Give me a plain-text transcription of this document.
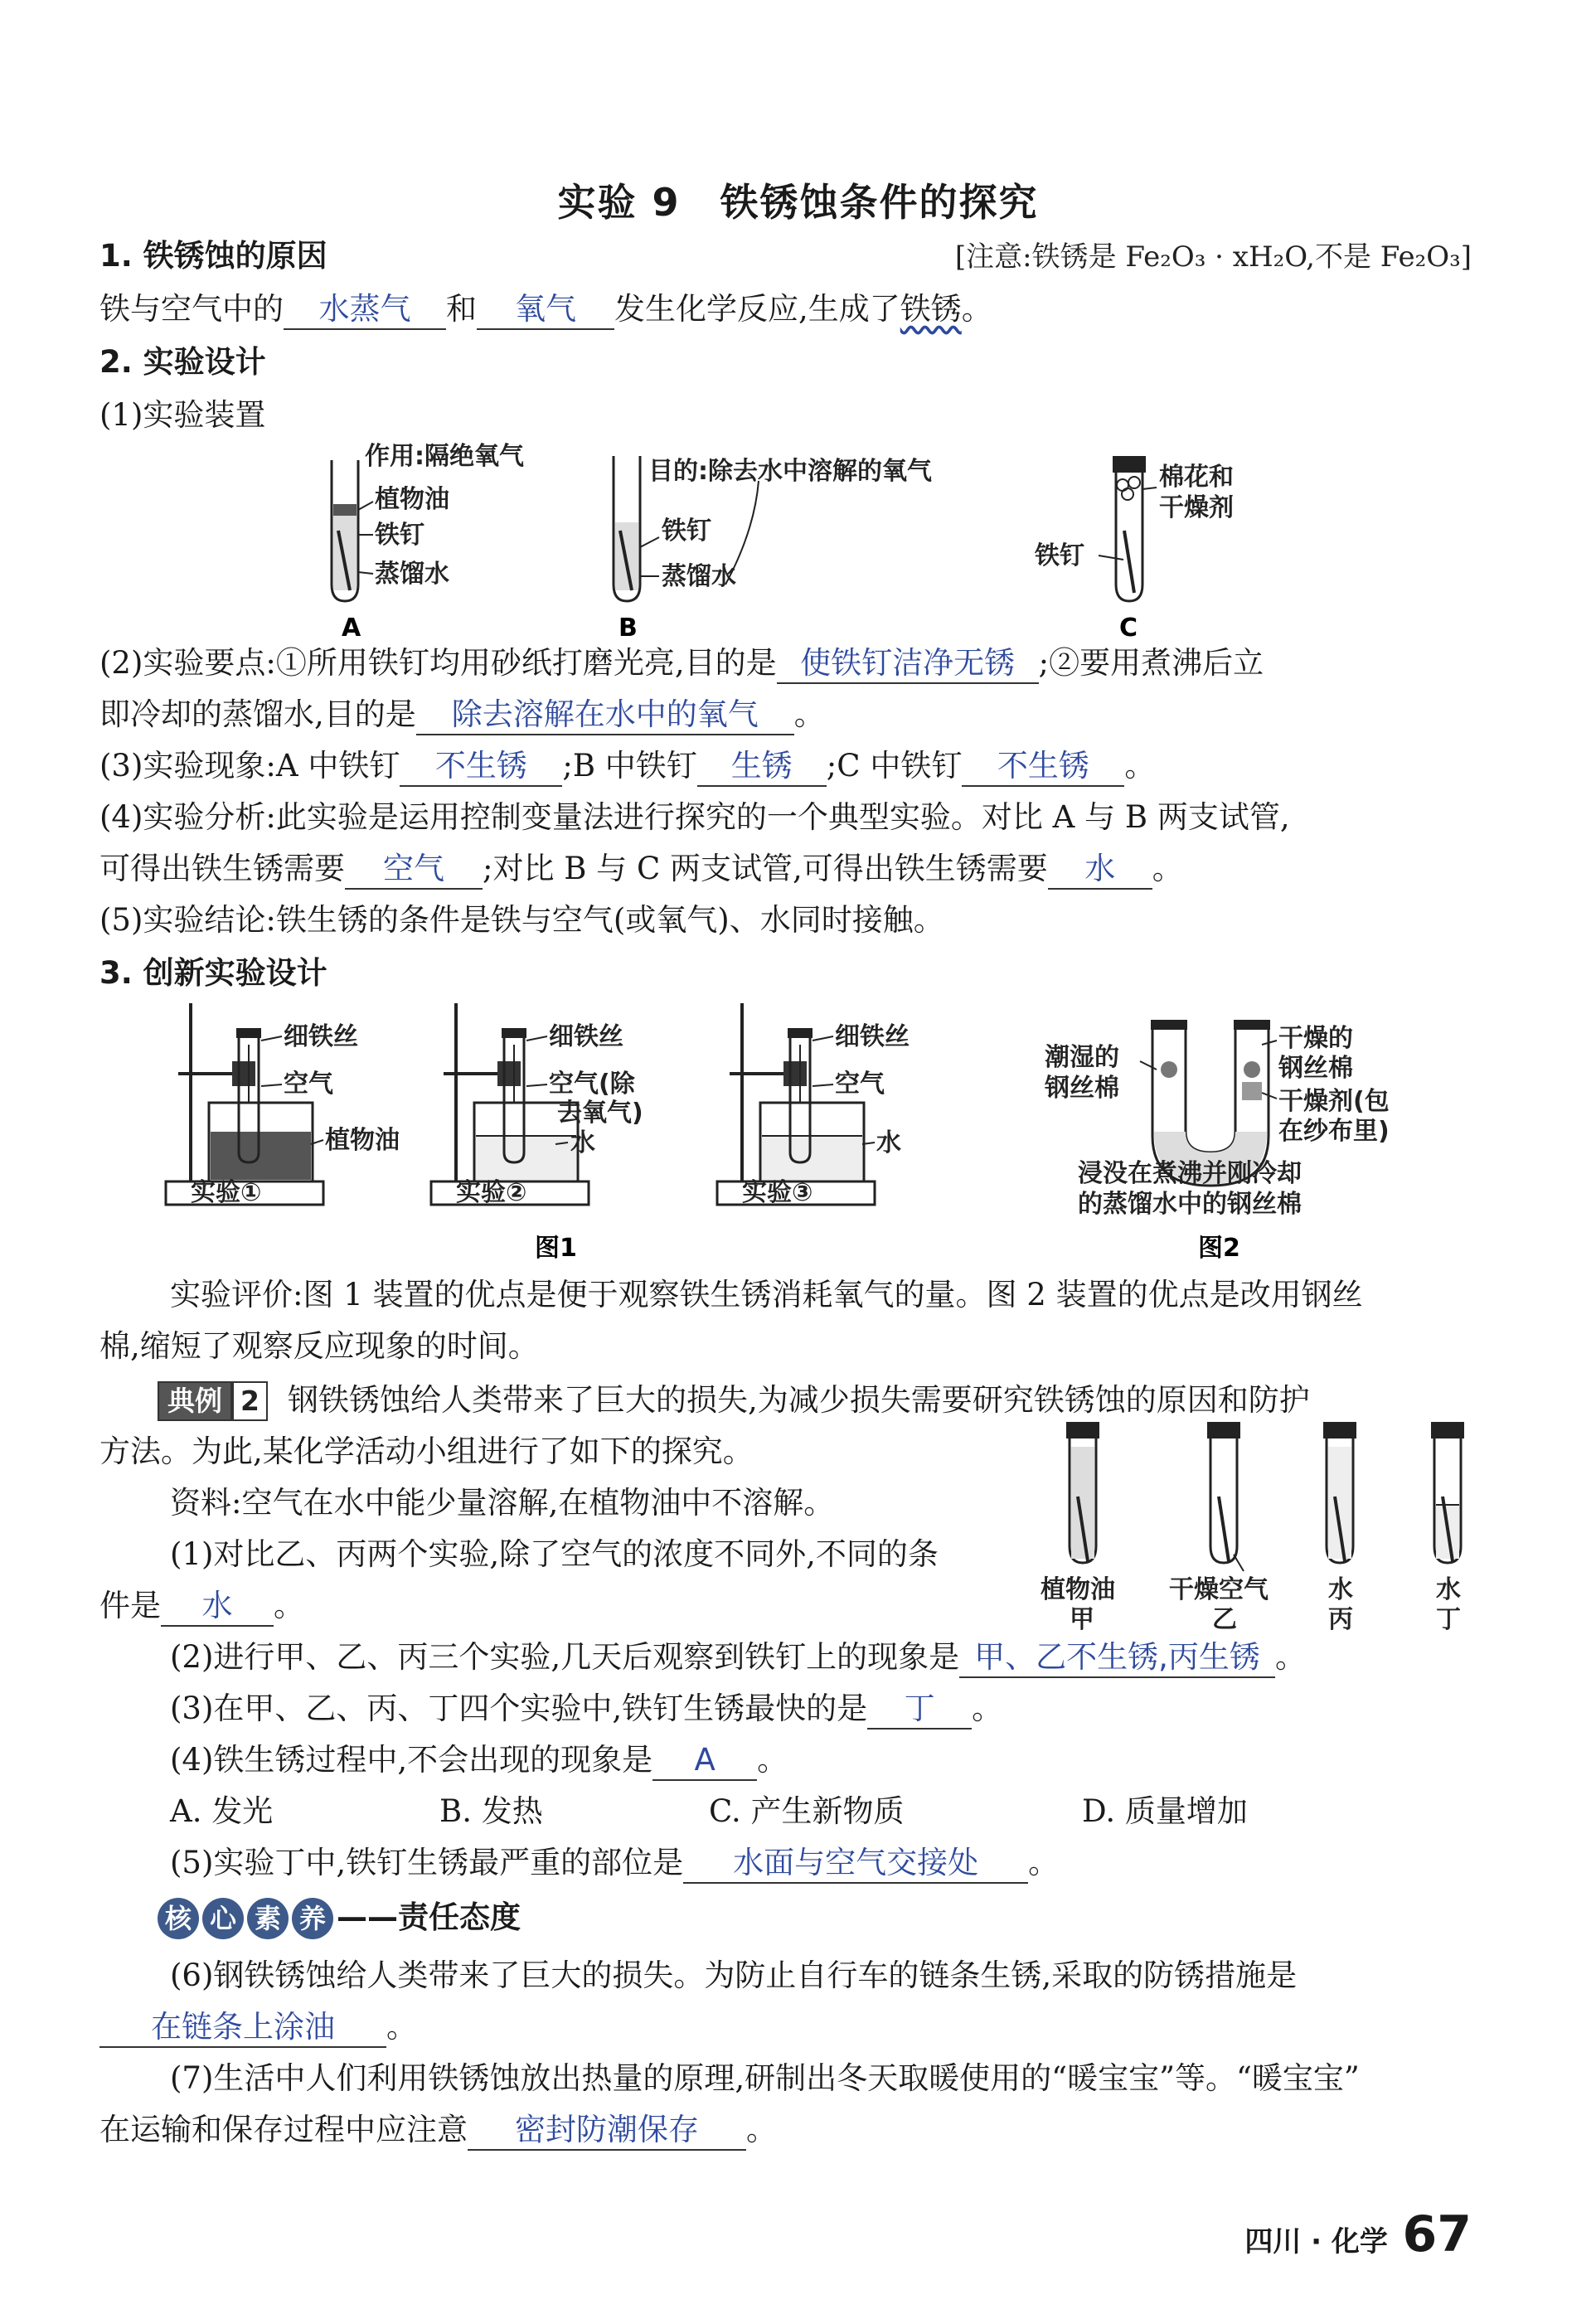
实验 9　铁锈蚀条件的探究
[注意:铁锈是 Fe₂O₃ · xH₂O,不是 Fe₂O₃]
1. 铁锈蚀的原因
铁与空气中的 水蒸气 和 氧气 发生化学反应,生成了铁锈。
2. 实验设计
(1)实验装置
作用:隔绝氧气
植物油
铁钉
蒸馏水
A
目的:除去水中溶解的氧气
铁钉
蒸馏水
B
棉花和
干燥剂
铁钉
C
(2)实验要点:①所用铁钉均用砂纸打磨光亮,目的是 使铁钉洁净无锈 ;②要用煮沸后立
即冷却的蒸馏水,目的是 除去溶解在水中的氧气 。
(3)实验现象:A 中铁钉 不生锈 ;B 中铁钉 生锈 ;C 中铁钉 不生锈 。
(4)实验分析:此实验是运用控制变量法进行探究的一个典型实验。对比 A 与 B 两支试管,
可得出铁生锈需要 空气 ;对比 B 与 C 两支试管,可得出铁生锈需要 水 。
(5)实验结论:铁生锈的条件是铁与空气(或氧气)、水同时接触。
3. 创新实验设计
细铁丝
空气
植物油
实验①
细铁丝
空气(除
去氧气)
水
实验②
细铁丝
空气
水
实验③
图1
潮湿的
钢丝棉
干燥的
钢丝棉
干燥剂(包
在纱布里)
浸没在煮沸并刚冷却
的蒸馏水中的钢丝棉
图2
实验评价:图 1 装置的优点是便于观察铁生锈消耗氧气的量。图 2 装置的优点是改用钢丝
棉,缩短了观察反应现象的时间。
典例 2 钢铁锈蚀给人类带来了巨大的损失,为减少损失需要研究铁锈蚀的原因和防护
方法。为此,某化学活动小组进行了如下的探究。
资料:空气在水中能少量溶解,在植物油中不溶解。
(1)对比乙、丙两个实验,除了空气的浓度不同外,不同的条
件是 水 。	植物油
甲
干燥空气
乙
水
丙
水
丁
(2)进行甲、乙、丙三个实验,几天后观察到铁钉上的现象是 甲、乙不生锈,丙生锈 。
(3)在甲、乙、丙、丁四个实验中,铁钉生锈最快的是 丁 。
(4)铁生锈过程中,不会出现的现象是 A 。
A. 发光	B. 发热	C. 产生新物质	D. 质量增加
(5)实验丁中,铁钉生锈最严重的部位是 水面与空气交接处 。
核 心 素 养 ——责任态度
(6)钢铁锈蚀给人类带来了巨大的损失。为防止自行车的链条生锈,采取的防锈措施是
在链条上涂油 。
(7)生活中人们利用铁锈蚀放出热量的原理,研制出冬天取暖使用的“暖宝宝”等。“暖宝宝”
在运输和保存过程中应注意 密封防潮保存 。
四川 · 化学 67
